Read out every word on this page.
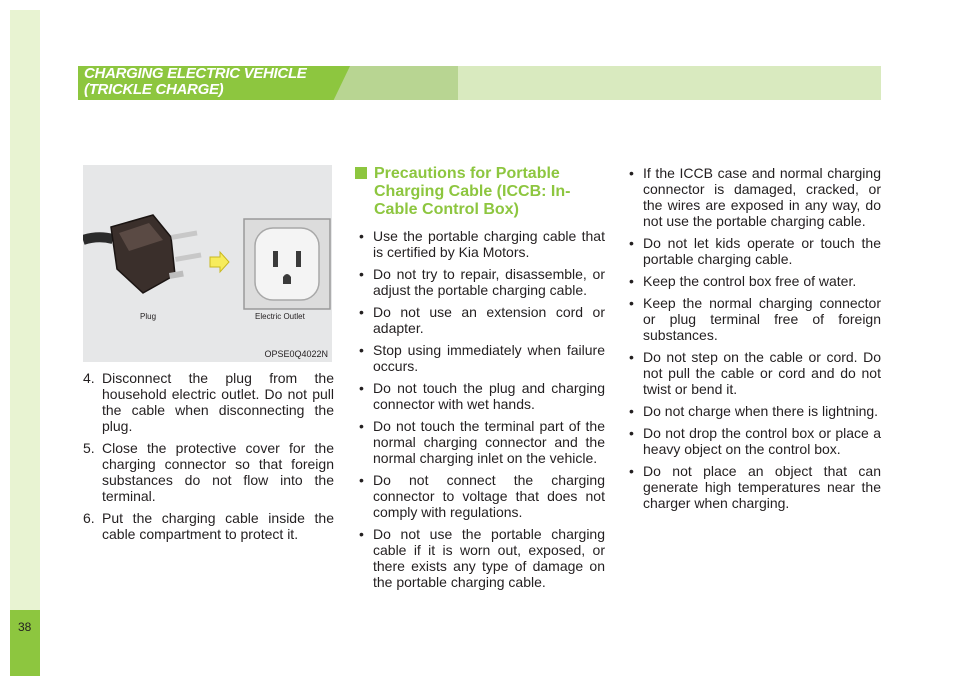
38
CHARGING ELECTRIC VEHICLE
(TRICKLE CHARGE)
Plug	Electric Outlet
OPSE0Q4022N
4. Disconnect the plug from the household electric outlet. Do not pull the cable when disconnecting the plug.
5. Close the protective cover for the charging connector so that foreign substances do not flow into the terminal.
6. Put the charging cable inside the cable compartment to protect it.
Precautions for Portable Charging Cable (ICCB: In-Cable Control Box)
• Use the portable charging cable that is certified by Kia Motors.
• Do not try to repair, disassemble, or adjust the portable charging cable.
• Do not use an extension cord or adapter.
• Stop using immediately when failure occurs.
• Do not touch the plug and charging connector with wet hands.
• Do not touch the terminal part of the normal charging connector and the normal charging inlet on the vehicle.
• Do not connect the charging connector to voltage that does not comply with regulations.
• Do not use the portable charging cable if it is worn out, exposed, or there exists any type of damage on the portable charging cable.
• If the ICCB case and normal charging connector is damaged, cracked, or the wires are exposed in any way, do not use the portable charging cable.
• Do not let kids operate or touch the portable charging cable.
• Keep the control box free of water.
• Keep the normal charging connector or plug terminal free of foreign substances.
• Do not step on the cable or cord. Do not pull the cable or cord and do not twist or bend it.
• Do not charge when there is lightning.
• Do not drop the control box or place a heavy object on the control box.
• Do not place an object that can generate high temperatures near the charger when charging.
